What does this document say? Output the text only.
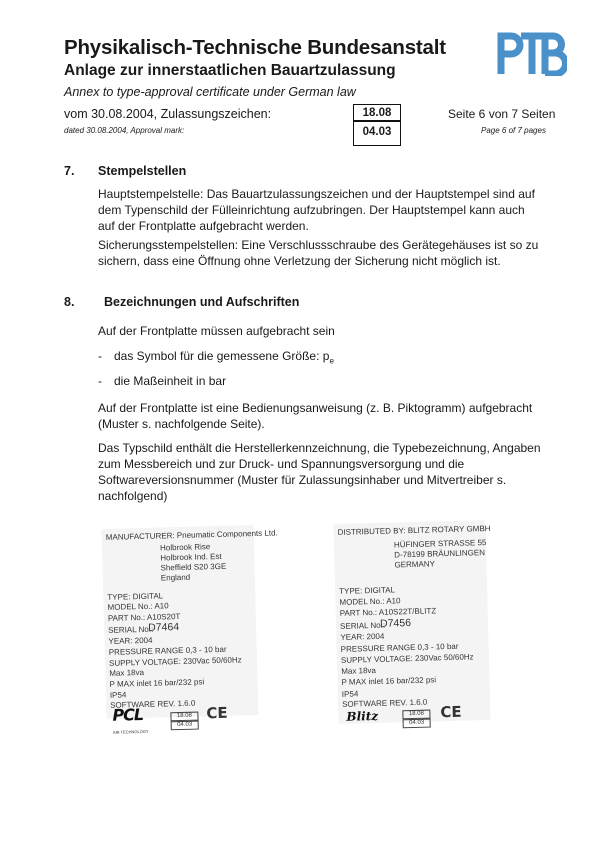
Physikalisch-Technische Bundesanstalt
Anlage zur innerstaatlichen Bauartzulassung
Annex to type-approval certificate under German law
vom 30.08.2004, Zulassungszeichen:
dated 30.08.2004, Approval mark:
18.08
04.03
Seite 6 von 7 Seiten
Page 6 of 7 pages
7. Stempelstellen
Hauptstempelstelle: Das Bauartzulassungszeichen und der Hauptstempel sind auf dem Typenschild der Fülleinrichtung aufzubringen. Der Hauptstempel kann auch auf der Frontplatte aufgebracht werden.
Sicherungsstempelstellen: Eine Verschlussschraube des Gerätegehäuses ist so zu sichern, dass eine Öffnung ohne Verletzung der Sicherung nicht möglich ist.
8. Bezeichnungen und Aufschriften
Auf der Frontplatte müssen aufgebracht sein
- das Symbol für die gemessene Größe: $p_e$
- die Maßeinheit in bar
Auf der Frontplatte ist eine Bedienungsanweisung (z. B. Piktogramm) aufgebracht (Muster s. nachfolgende Seite).
Das Typschild enthält die Herstellerkennzeichnung, die Typebezeichnung, Angaben zum Messbereich und zur Druck- und Spannungsversorgung und die Softwareversionsnummer (Muster für Zulassungsinhaber und Mitvertreiber s. nachfolgend)
MANUFACTURER: Pneumatic Components Ltd.
Holbrook Rise
Holbrook Ind. Est
Sheffield S20 3GE
England
TYPE: DIGITAL
MODEL No.: A10
PART No.: A10S20T
SERIAL No.:
D7464
YEAR: 2004
PRESSURE RANGE 0,3 - 10 bar
SUPPLY VOLTAGE: 230Vac 50/60Hz
Max 18va
P MAX inlet 16 bar/232 psi
IP54
SOFTWARE REV. 1.6.0
PCL
AIR TECHNOLOGY
18.08
04.03
CE
DISTRIBUTED BY: BLITZ ROTARY GMBH
HÜFINGER STRASSE 55
D-78199 BRÄUNLINGEN
GERMANY
TYPE: DIGITAL
MODEL No.: A10
PART No.: A10S22T/BLITZ
SERIAL No.:
D7456
YEAR: 2004
PRESSURE RANGE 0,3 - 10 bar
SUPPLY VOLTAGE: 230Vac 50/60Hz
Max 18va
P MAX inlet 16 bar/232 psi
IP54
SOFTWARE REV. 1.6.0
Blitz	18.08
04.03
CE
